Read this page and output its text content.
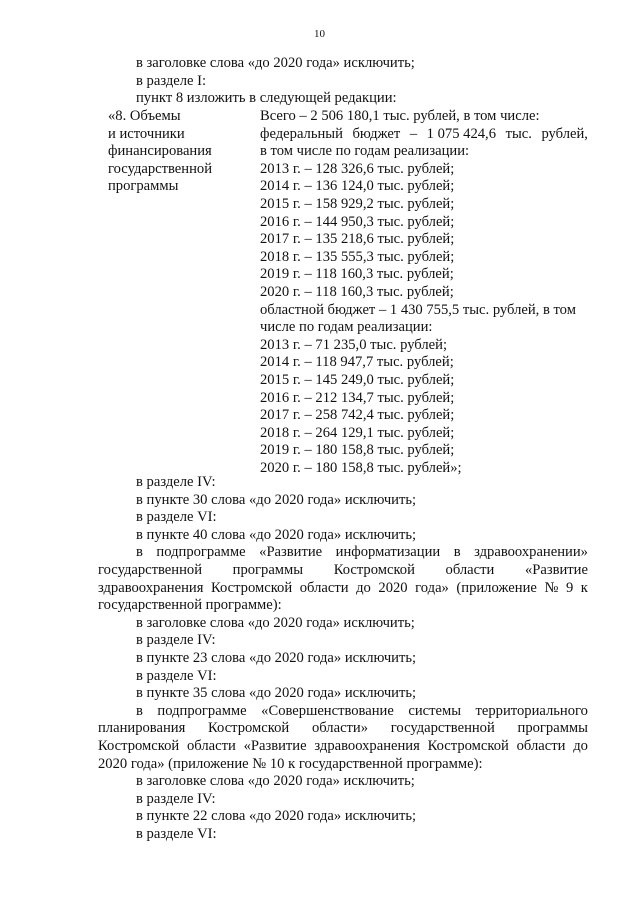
10
в заголовке слова «до 2020 года» исключить;
в разделе I:
пункт 8 изложить в следующей редакции:
«8. Объемы
и источники
финансирования
государственной
программы
Всего – 2 506 180,1 тыс. рублей, в том числе:
федеральный бюджет – 1 075 424,6 тыс. рублей,
в том числе по годам реализации:
2013 г. – 128 326,6 тыс. рублей;
2014 г. – 136 124,0 тыс. рублей;
2015 г. – 158 929,2 тыс. рублей;
2016 г. – 144 950,3 тыс. рублей;
2017 г. – 135 218,6 тыс. рублей;
2018 г. – 135 555,3 тыс. рублей;
2019 г. – 118 160,3 тыс. рублей;
2020 г. – 118 160,3 тыс. рублей;
областной бюджет – 1 430 755,5 тыс. рублей, в том
числе по годам реализации:
2013 г. – 71 235,0 тыс. рублей;
2014 г. – 118 947,7 тыс. рублей;
2015 г. – 145 249,0 тыс. рублей;
2016 г. – 212 134,7 тыс. рублей;
2017 г. – 258 742,4 тыс. рублей;
2018 г. – 264 129,1 тыс. рублей;
2019 г. – 180 158,8 тыс. рублей;
2020 г. – 180 158,8 тыс. рублей»;
в разделе IV:
в пункте 30 слова «до 2020 года» исключить;
в разделе VI:
в пункте 40 слова «до 2020 года» исключить;
в подпрограмме «Развитие информатизации в здравоохранении»
государственной программы Костромской области «Развитие
здравоохранения Костромской области до 2020 года» (приложение № 9 к
государственной программе):
в заголовке слова «до 2020 года» исключить;
в разделе IV:
в пункте 23 слова «до 2020 года» исключить;
в разделе VI:
в пункте 35 слова «до 2020 года» исключить;
в подпрограмме «Совершенствование системы территориального
планирования Костромской области» государственной программы
Костромской области «Развитие здравоохранения Костромской области до
2020 года» (приложение № 10 к государственной программе):
в заголовке слова «до 2020 года» исключить;
в разделе IV:
в пункте 22 слова «до 2020 года» исключить;
в разделе VI:
